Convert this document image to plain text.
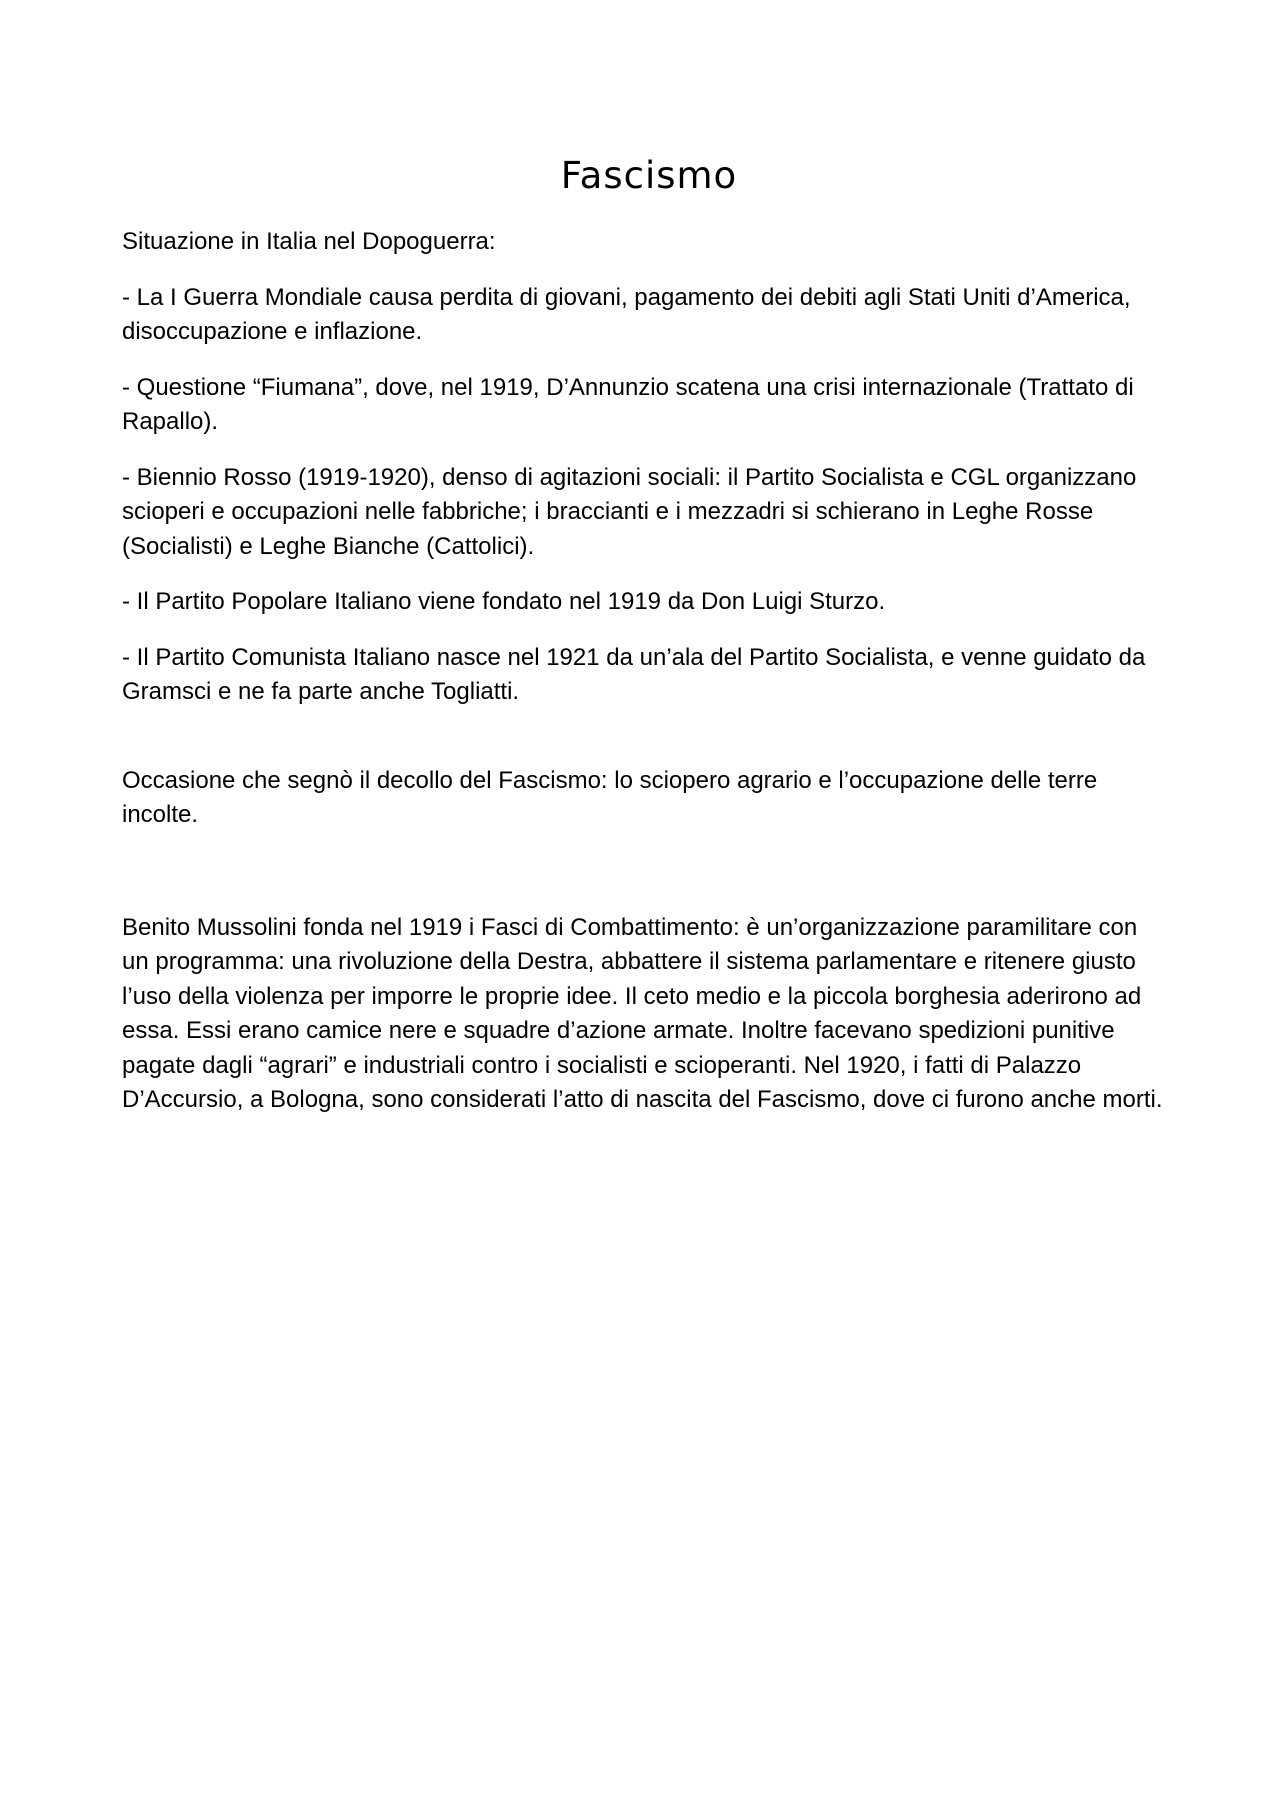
Fascismo

Situazione in Italia nel Dopoguerra:

- La I Guerra Mondiale causa perdita di giovani, pagamento dei debiti agli Stati Uniti d’America, disoccupazione e inflazione.

- Questione “Fiumana”, dove, nel 1919, D’Annunzio scatena una crisi internazionale (Trattato di Rapallo).

- Biennio Rosso (1919-1920), denso di agitazioni sociali: il Partito Socialista e CGL organizzano scioperi e occupazioni nelle fabbriche; i braccianti e i mezzadri si schierano in Leghe Rosse (Socialisti) e Leghe Bianche (Cattolici).

- Il Partito Popolare Italiano viene fondato nel 1919 da Don Luigi Sturzo.

- Il Partito Comunista Italiano nasce nel 1921 da un’ala del Partito Socialista, e venne guidato da Gramsci e ne fa parte anche Togliatti.

Occasione che segnò il decollo del Fascismo: lo sciopero agrario e l’occupazione delle terre incolte.

Benito Mussolini fonda nel 1919 i Fasci di Combattimento: è un’organizzazione paramilitare con un programma: una rivoluzione della Destra, abbattere il sistema parlamentare e ritenere giusto l’uso della violenza per imporre le proprie idee. Il ceto medio e la piccola borghesia aderirono ad essa. Essi erano camice nere e squadre d’azione armate. Inoltre facevano spedizioni punitive pagate dagli “agrari” e industriali contro i socialisti e scioperanti. Nel 1920, i fatti di Palazzo D’Accursio, a Bologna, sono considerati l’atto di nascita del Fascismo, dove ci furono anche morti.
